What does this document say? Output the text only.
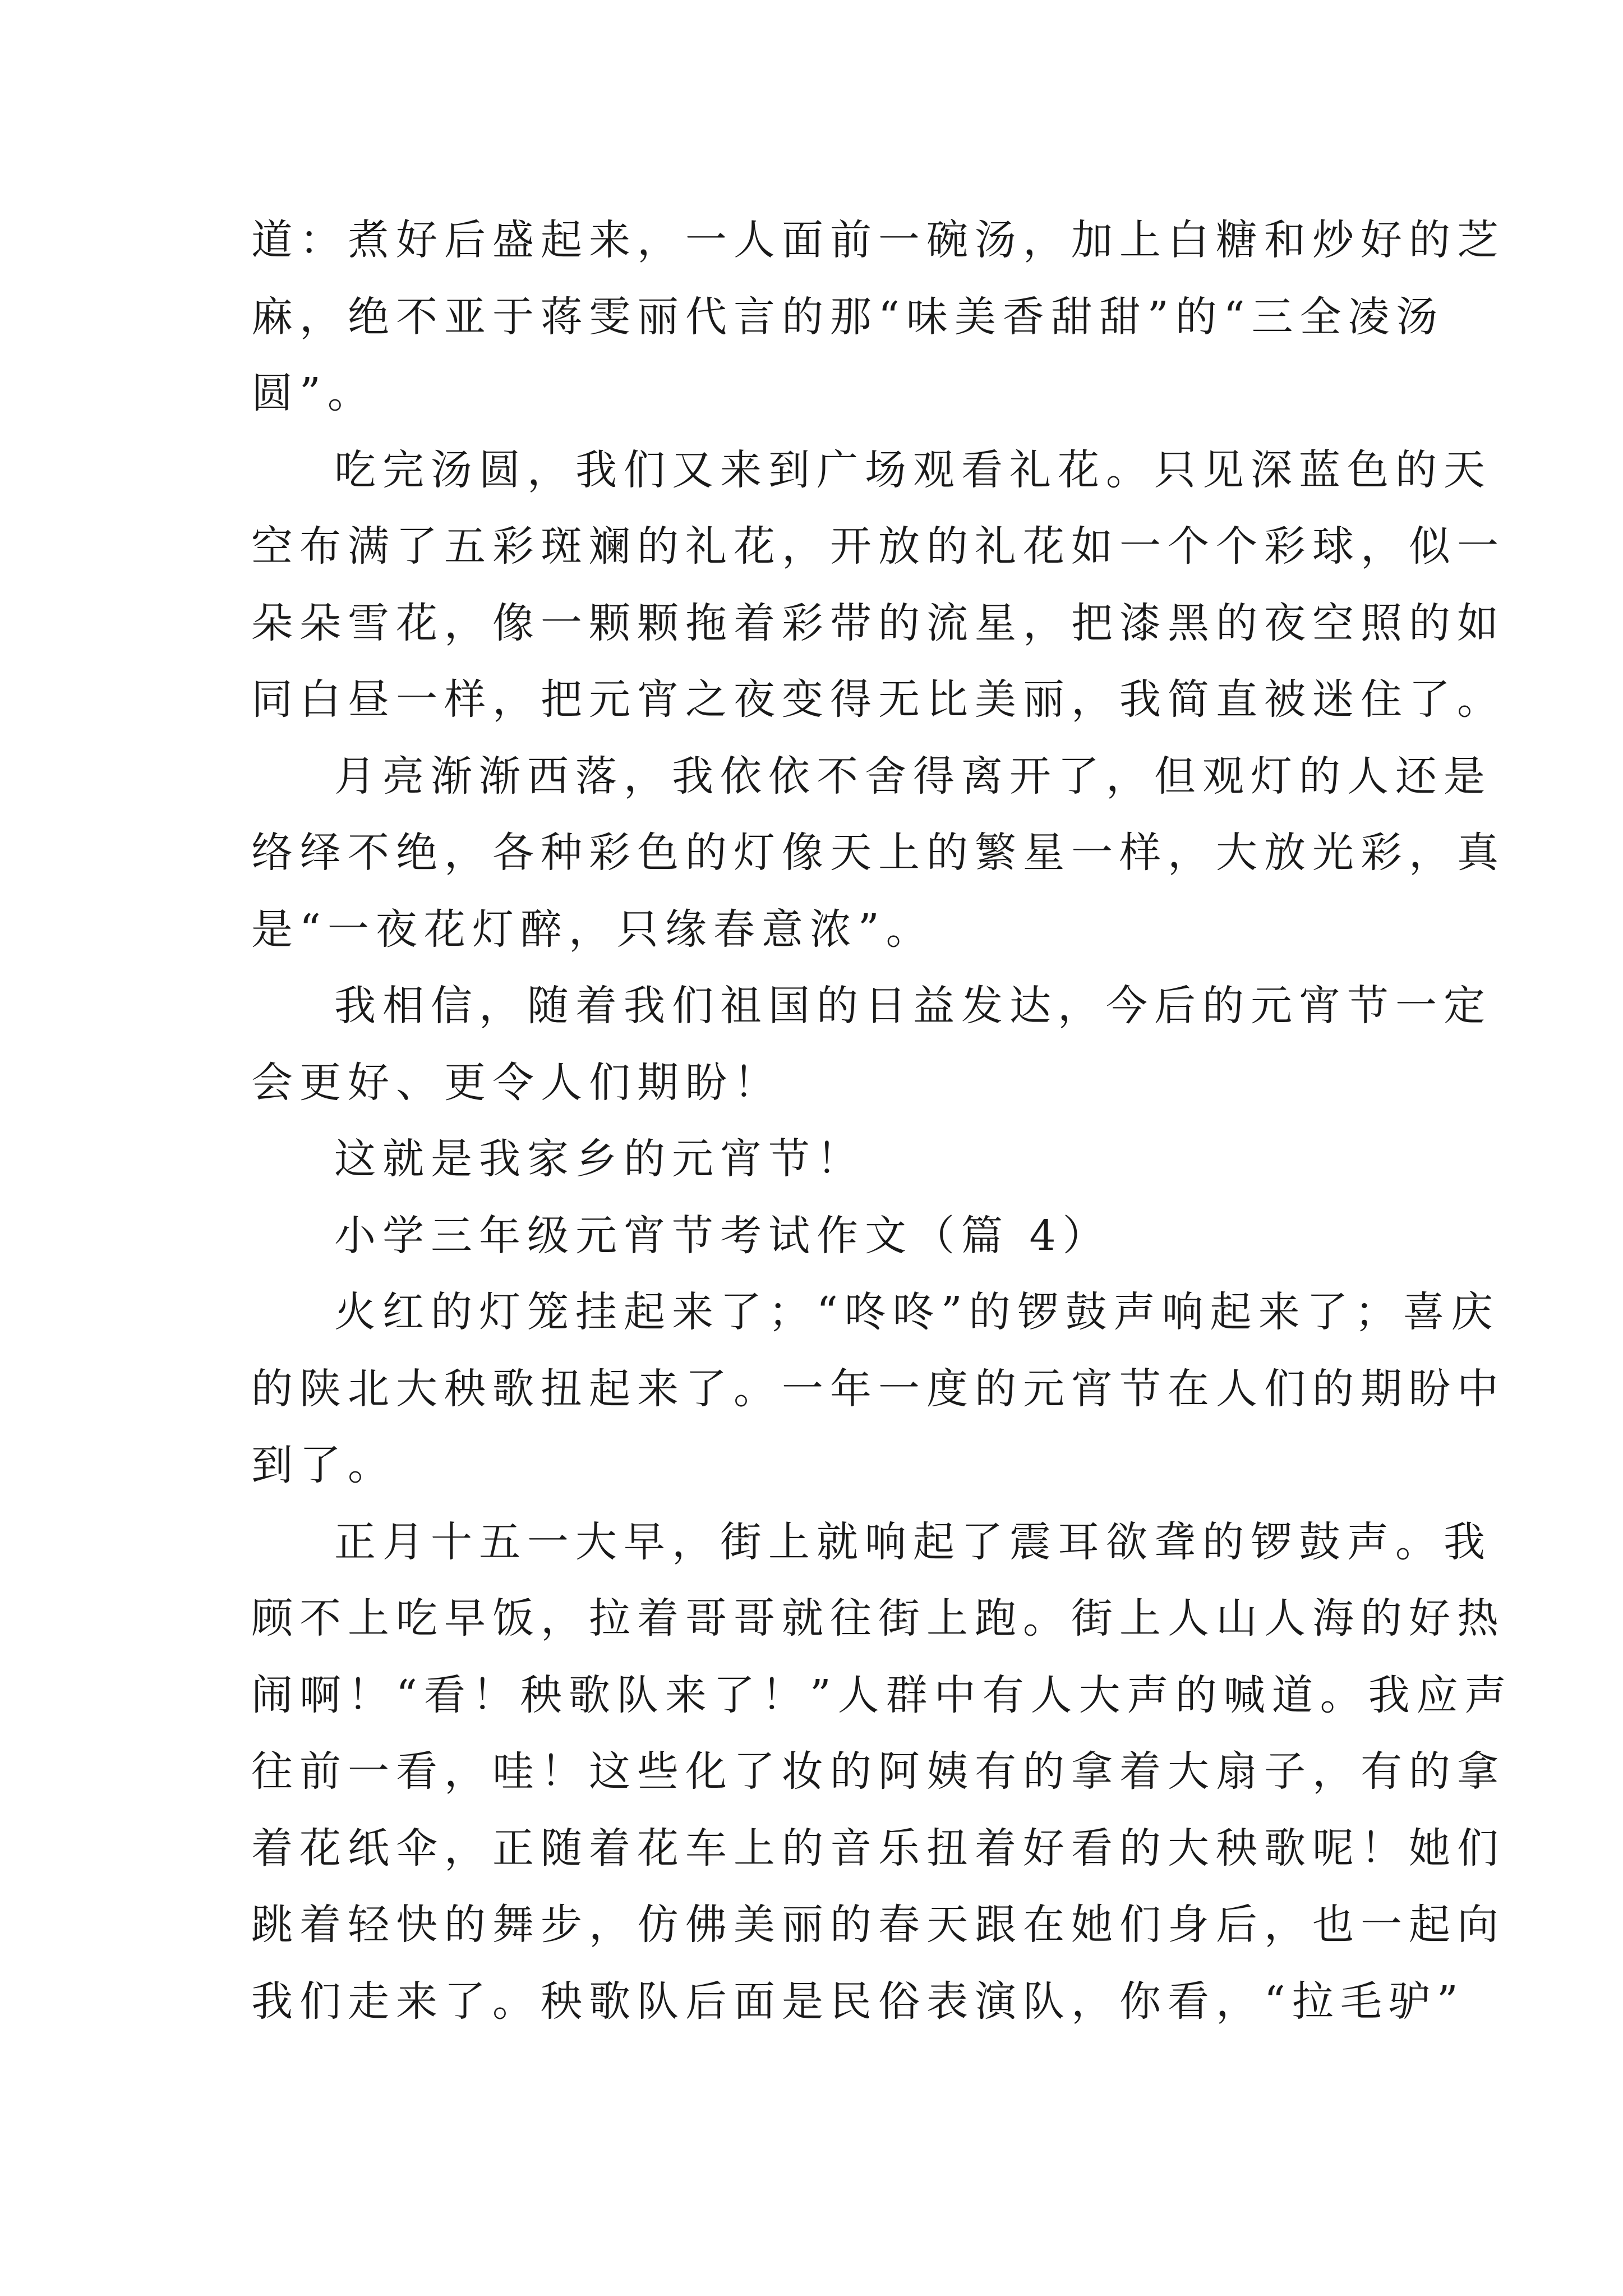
道：煮好后盛起来，一人面前一碗汤，加上白糖和炒好的芝
麻，绝不亚于蒋雯丽代言的那“味美香甜甜”的“三全凌汤
圆”。
吃完汤圆，我们又来到广场观看礼花。只见深蓝色的天
空布满了五彩斑斓的礼花，开放的礼花如一个个彩球，似一
朵朵雪花，像一颗颗拖着彩带的流星，把漆黑的夜空照的如
同白昼一样，把元宵之夜变得无比美丽，我简直被迷住了。
月亮渐渐西落，我依依不舍得离开了，但观灯的人还是
络绎不绝，各种彩色的灯像天上的繁星一样，大放光彩，真
是“一夜花灯醉，只缘春意浓”。
我相信，随着我们祖国的日益发达，今后的元宵节一定
会更好、更令人们期盼！
这就是我家乡的元宵节！
小学三年级元宵节考试作文（篇 4）
火红的灯笼挂起来了；“咚咚”的锣鼓声响起来了；喜庆
的陕北大秧歌扭起来了。一年一度的元宵节在人们的期盼中
到了。
正月十五一大早，街上就响起了震耳欲聋的锣鼓声。我
顾不上吃早饭，拉着哥哥就往街上跑。街上人山人海的好热
闹啊！“看！秧歌队来了！”人群中有人大声的喊道。我应声
往前一看，哇！这些化了妆的阿姨有的拿着大扇子，有的拿
着花纸伞，正随着花车上的音乐扭着好看的大秧歌呢！她们
跳着轻快的舞步，仿佛美丽的春天跟在她们身后，也一起向
我们走来了。秧歌队后面是民俗表演队，你看，“拉毛驴”
